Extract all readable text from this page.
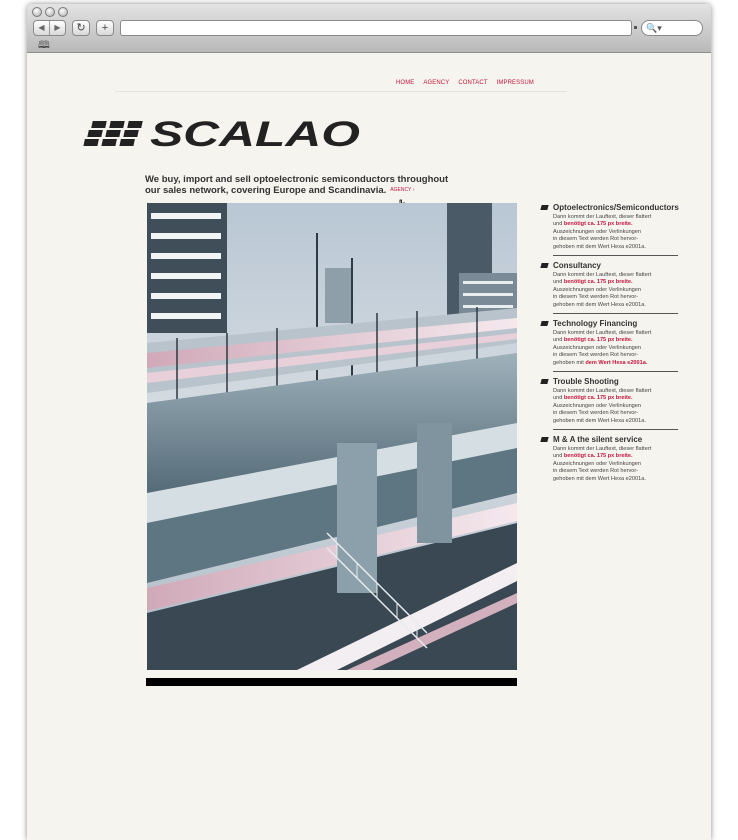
◀	▶	↻	+	🔍▾
🕮
HOME AGENCY CONTACT IMPRESSUM
SCALAO
We buy, import and sell optoelectronic semiconductors throughout
our sales network, covering Europe and Scandinavia. $^{AGENCY ›}$
Optoelectronics/Semiconductors
Dann kommt der Lauftext, dieser flattert
und benötigt ca. 175 px breite.
Auszeichnungen oder Verlinkungen
in diesem Text werden Rot hervor-
gehoben mit dem Wert Hexa e2001a.
Consultancy
Dann kommt der Lauftext, dieser flattert
und benötigt ca. 175 px breite.
Auszeichnungen oder Verlinkungen
in diesem Text werden Rot hervor-
gehoben mit dem Wert Hexa e2001a.
Technology Financing
Dann kommt der Lauftext, dieser flattert
und benötigt ca. 175 px breite.
Auszeichnungen oder Verlinkungen
in diesem Text werden Rot hervor-
gehoben mit dem Wert Hexa e2001a.
Trouble Shooting
Dann kommt der Lauftext, dieser flattert
und benötigt ca. 175 px breite.
Auszeichnungen oder Verlinkungen
in diesem Text werden Rot hervor-
gehoben mit dem Wert Hexa e2001a.
M & A the silent service
Dann kommt der Lauftext, dieser flattert
und benötigt ca. 175 px breite.
Auszeichnungen oder Verlinkungen
in diesem Text werden Rot hervor-
gehoben mit dem Wert Hexa e2001a.
